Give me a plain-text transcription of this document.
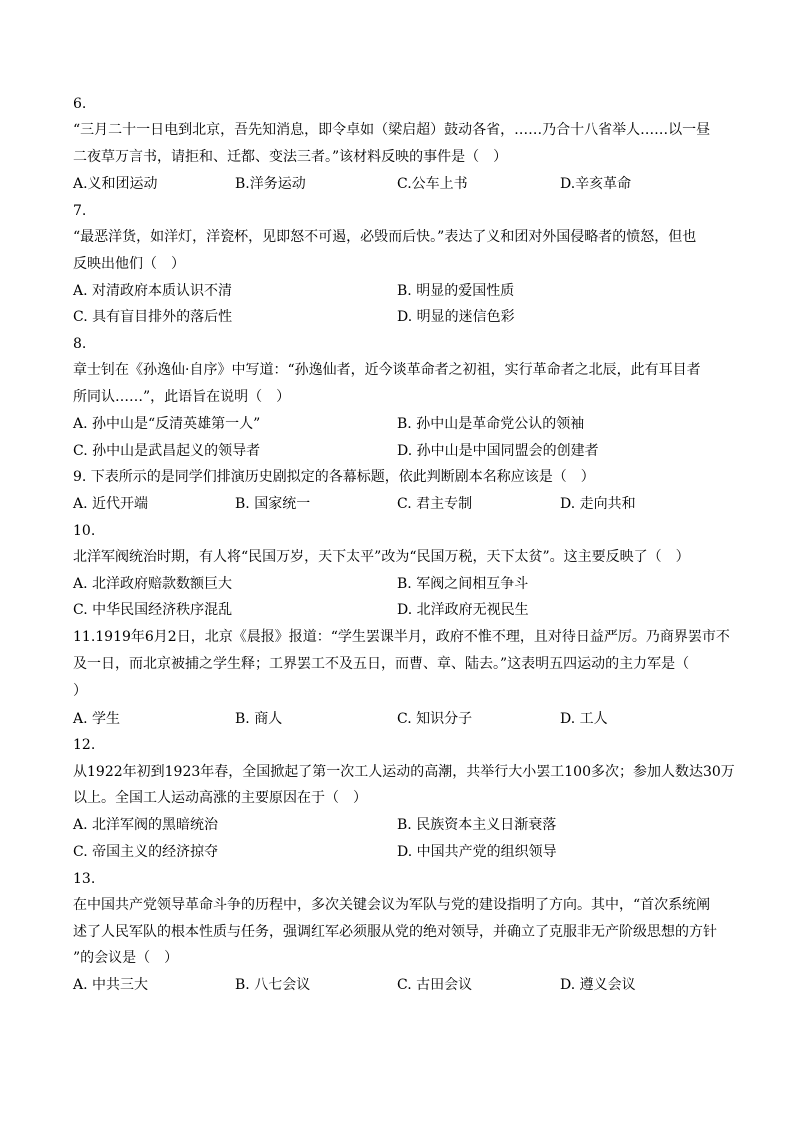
6.
“三月二十一日电到北京，吾先知消息，即令卓如（梁启超）鼓动各省，……乃合十八省举人……以一昼
二夜草万言书，请拒和、迁都、变法三者。”该材料反映的事件是（　）
A.义和团运动	B.洋务运动	C.公车上书	D.辛亥革命
7.
“最恶洋货，如洋灯，洋瓷杯，见即怒不可遏，必毁而后快。”表达了义和团对外国侵略者的愤怒，但也
反映出他们（　）
A. 对清政府本质认识不清	B. 明显的爱国性质
C. 具有盲目排外的落后性	D. 明显的迷信色彩
8.
章士钊在《孙逸仙·自序》中写道：“孙逸仙者，近今谈革命者之初祖，实行革命者之北辰，此有耳目者
所同认……”，此语旨在说明（　）
A. 孙中山是“反清英雄第一人”	B. 孙中山是革命党公认的领袖
C. 孙中山是武昌起义的领导者	D. 孙中山是中国同盟会的创建者
9. 下表所示的是同学们排演历史剧拟定的各幕标题，依此判断剧本名称应该是（　）
A. 近代开端	B. 国家统一	C. 君主专制	D. 走向共和
10.
北洋军阀统治时期，有人将“民国万岁，天下太平”改为“民国万税，天下太贫”。这主要反映了（　）
A. 北洋政府赔款数额巨大	B. 军阀之间相互争斗
C. 中华民国经济秩序混乱	D. 北洋政府无视民生
11.1919年6月2日，北京《晨报》报道：“学生罢课半月，政府不惟不理，且对待日益严厉。乃商界罢市不
及一日，而北京被捕之学生释；工界罢工不及五日，而曹、章、陆去。”这表明五四运动的主力军是（
）
A. 学生	B. 商人	C. 知识分子	D. 工人
12.
从1922年初到1923年春，全国掀起了第一次工人运动的高潮，共举行大小罢工100多次；参加人数达30万
以上。全国工人运动高涨的主要原因在于（　）
A. 北洋军阀的黑暗统治	B. 民族资本主义日渐衰落
C. 帝国主义的经济掠夺	D. 中国共产党的组织领导
13.
在中国共产党领导革命斗争的历程中，多次关键会议为军队与党的建设指明了方向。其中，“首次系统阐
述了人民军队的根本性质与任务，强调红军必须服从党的绝对领导，并确立了克服非无产阶级思想的方针
”的会议是（　）
A. 中共三大	B. 八七会议	C. 古田会议	D. 遵义会议
